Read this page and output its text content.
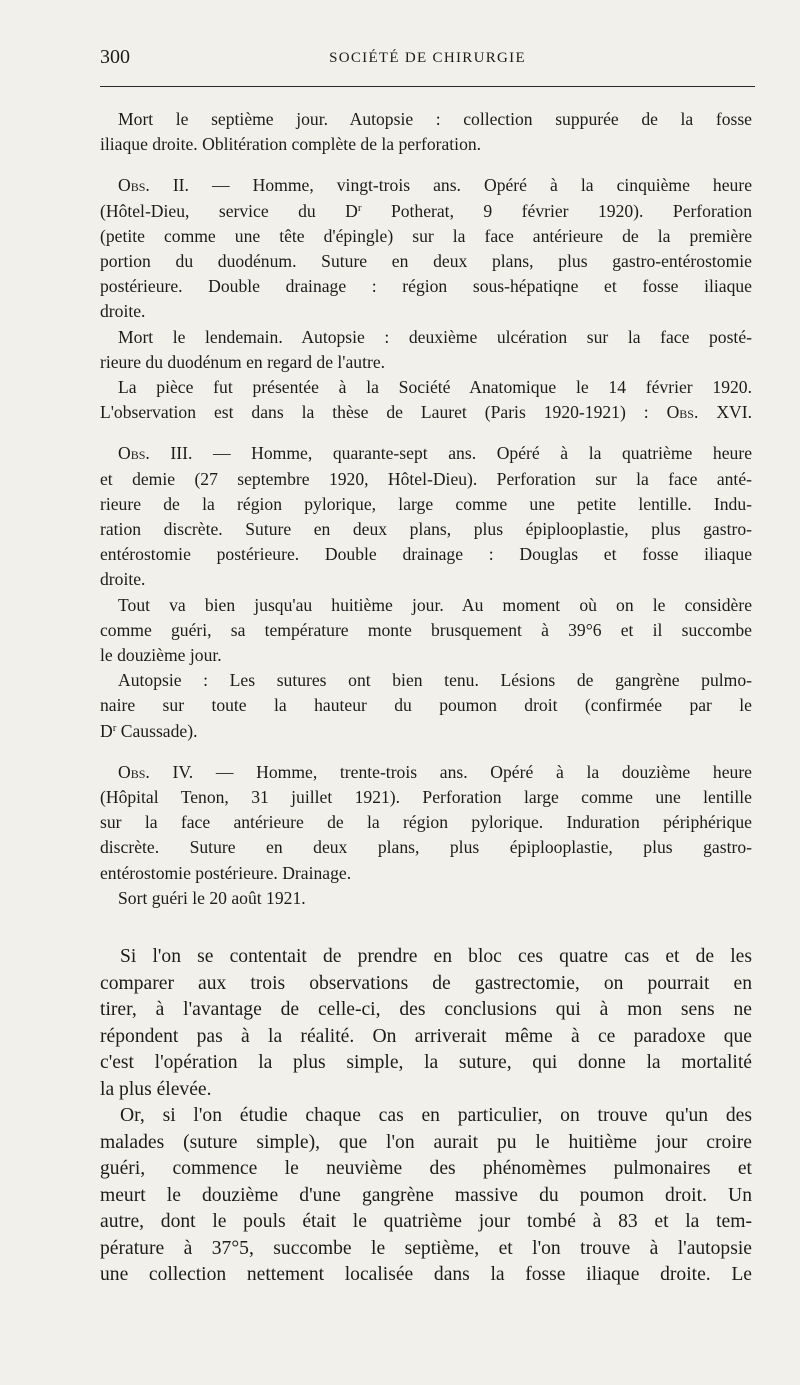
300	SOCIÉTÉ DE CHIRURGIE
Mort le septième jour. Autopsie : collection suppurée de la fosse
iliaque droite. Oblitération complète de la perforation.
Obs. II. — Homme, vingt-trois ans. Opéré à la cinquième heure
(Hôtel-Dieu, service du $D^r$ Potherat, 9 février 1920). Perforation
(petite comme une tête d'épingle) sur la face antérieure de la première
portion du duodénum. Suture en deux plans, plus gastro-entérostomie
postérieure. Double drainage : région sous-hépatiqne et fosse iliaque
droite.
Mort le lendemain. Autopsie : deuxième ulcération sur la face posté-
rieure du duodénum en regard de l'autre.
La pièce fut présentée à la Société Anatomique le 14 février 1920.
L'observation est dans la thèse de Lauret (Paris 1920-1921) : Obs. XVI.
Obs. III. — Homme, quarante-sept ans. Opéré à la quatrième heure
et demie (27 septembre 1920, Hôtel-Dieu). Perforation sur la face anté-
rieure de la région pylorique, large comme une petite lentille. Indu-
ration discrète. Suture en deux plans, plus épiplooplastie, plus gastro-
entérostomie postérieure. Double drainage : Douglas et fosse iliaque
droite.
Tout va bien jusqu'au huitième jour. Au moment où on le considère
comme guéri, sa température monte brusquement à 39°6 et il succombe
le douzième jour.
Autopsie : Les sutures ont bien tenu. Lésions de gangrène pulmo-
naire sur toute la hauteur du poumon droit (confirmée par le
$D^r$ Caussade).
Obs. IV. — Homme, trente-trois ans. Opéré à la douzième heure
(Hôpital Tenon, 31 juillet 1921). Perforation large comme une lentille
sur la face antérieure de la région pylorique. Induration périphérique
discrète. Suture en deux plans, plus épiplooplastie, plus gastro-
entérostomie postérieure. Drainage.
Sort guéri le 20 août 1921.
Si l'on se contentait de prendre en bloc ces quatre cas et de les
comparer aux trois observations de gastrectomie, on pourrait en
tirer, à l'avantage de celle-ci, des conclusions qui à mon sens ne
répondent pas à la réalité. On arriverait même à ce paradoxe que
c'est l'opération la plus simple, la suture, qui donne la mortalité
la plus élevée.
Or, si l'on étudie chaque cas en particulier, on trouve qu'un des
malades (suture simple), que l'on aurait pu le huitième jour croire
guéri, commence le neuvième des phénomèmes pulmonaires et
meurt le douzième d'une gangrène massive du poumon droit. Un
autre, dont le pouls était le quatrième jour tombé à 83 et la tem-
pérature à 37°5, succombe le septième, et l'on trouve à l'autopsie
une collection nettement localisée dans la fosse iliaque droite. Le
